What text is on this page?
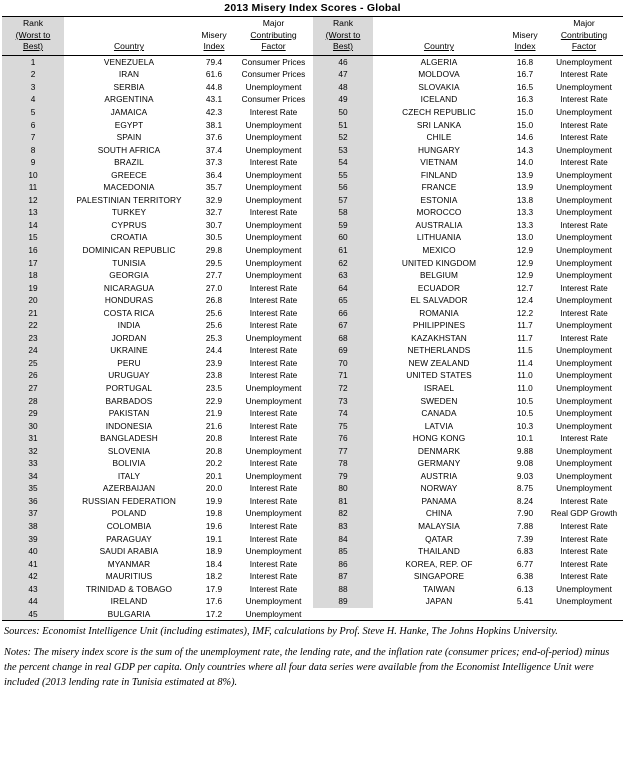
2013 Misery Index Scores - Global
Rank
(Worst to
Best)	Country	Misery
Index	Major
Contributing
Factor	Rank
(Worst to
Best)	Country	Misery
Index	Major
Contributing
Factor

1	VENEZUELA	79.4	Consumer Prices	46	ALGERIA	16.8	Unemployment
2	IRAN	61.6	Consumer Prices	47	MOLDOVA	16.7	Interest Rate
3	SERBIA	44.8	Unemployment	48	SLOVAKIA	16.5	Unemployment
4	ARGENTINA	43.1	Consumer Prices	49	ICELAND	16.3	Interest Rate
5	JAMAICA	42.3	Interest Rate	50	CZECH REPUBLIC	15.0	Unemployment
6	EGYPT	38.1	Unemployment	51	SRI LANKA	15.0	Interest Rate
7	SPAIN	37.6	Unemployment	52	CHILE	14.6	Interest Rate
8	SOUTH AFRICA	37.4	Unemployment	53	HUNGARY	14.3	Unemployment
9	BRAZIL	37.3	Interest Rate	54	VIETNAM	14.0	Interest Rate
10	GREECE	36.4	Unemployment	55	FINLAND	13.9	Unemployment
11	MACEDONIA	35.7	Unemployment	56	FRANCE	13.9	Unemployment
12	PALESTINIAN TERRITORY	32.9	Unemployment	57	ESTONIA	13.8	Unemployment
13	TURKEY	32.7	Interest Rate	58	MOROCCO	13.3	Unemployment
14	CYPRUS	30.7	Unemployment	59	AUSTRALIA	13.3	Interest Rate
15	CROATIA	30.5	Unemployment	60	LITHUANIA	13.0	Unemployment
16	DOMINICAN REPUBLIC	29.8	Unemployment	61	MEXICO	12.9	Unemployment
17	TUNISIA	29.5	Unemployment	62	UNITED KINGDOM	12.9	Unemployment
18	GEORGIA	27.7	Unemployment	63	BELGIUM	12.9	Unemployment
19	NICARAGUA	27.0	Interest Rate	64	ECUADOR	12.7	Interest Rate
20	HONDURAS	26.8	Interest Rate	65	EL SALVADOR	12.4	Unemployment
21	COSTA RICA	25.6	Interest Rate	66	ROMANIA	12.2	Interest Rate
22	INDIA	25.6	Interest Rate	67	PHILIPPINES	11.7	Unemployment
23	JORDAN	25.3	Unemployment	68	KAZAKHSTAN	11.7	Interest Rate
24	UKRAINE	24.4	Interest Rate	69	NETHERLANDS	11.5	Unemployment
25	PERU	23.9	Interest Rate	70	NEW ZEALAND	11.4	Unemployment
26	URUGUAY	23.8	Interest Rate	71	UNITED STATES	11.0	Unemployment
27	PORTUGAL	23.5	Unemployment	72	ISRAEL	11.0	Unemployment
28	BARBADOS	22.9	Unemployment	73	SWEDEN	10.5	Unemployment
29	PAKISTAN	21.9	Interest Rate	74	CANADA	10.5	Unemployment
30	INDONESIA	21.6	Interest Rate	75	LATVIA	10.3	Unemployment
31	BANGLADESH	20.8	Interest Rate	76	HONG KONG	10.1	Interest Rate
32	SLOVENIA	20.8	Unemployment	77	DENMARK	9.88	Unemployment
33	BOLIVIA	20.2	Interest Rate	78	GERMANY	9.08	Unemployment
34	ITALY	20.1	Unemployment	79	AUSTRIA	9.03	Unemployment
35	AZERBAIJAN	20.0	Interest Rate	80	NORWAY	8.75	Unemployment
36	RUSSIAN FEDERATION	19.9	Interest Rate	81	PANAMA	8.24	Interest Rate
37	POLAND	19.8	Unemployment	82	CHINA	7.90	Real GDP Growth
38	COLOMBIA	19.6	Interest Rate	83	MALAYSIA	7.88	Interest Rate
39	PARAGUAY	19.1	Interest Rate	84	QATAR	7.39	Interest Rate
40	SAUDI ARABIA	18.9	Unemployment	85	THAILAND	6.83	Interest Rate
41	MYANMAR	18.4	Interest Rate	86	KOREA, REP. OF	6.77	Interest Rate
42	MAURITIUS	18.2	Interest Rate	87	SINGAPORE	6.38	Interest Rate
43	TRINIDAD & TOBAGO	17.9	Interest Rate	88	TAIWAN	6.13	Unemployment
44	IRELAND	17.6	Unemployment	89	JAPAN	5.41	Unemployment
45	BULGARIA	17.2	Unemployment				

Sources: Economist Intelligence Unit (including estimates), IMF, calculations by Prof. Steve H. Hanke, The Johns Hopkins University.

Notes: The misery index score is the sum of the unemployment rate, the lending rate, and the inflation rate (consumer prices; end-of-period) minus the percent change in real GDP per capita. Only countries where all four data series were available from the Economist Intelligence Unit were included (2013 lending rate in Tunisia estimated at 8%).
